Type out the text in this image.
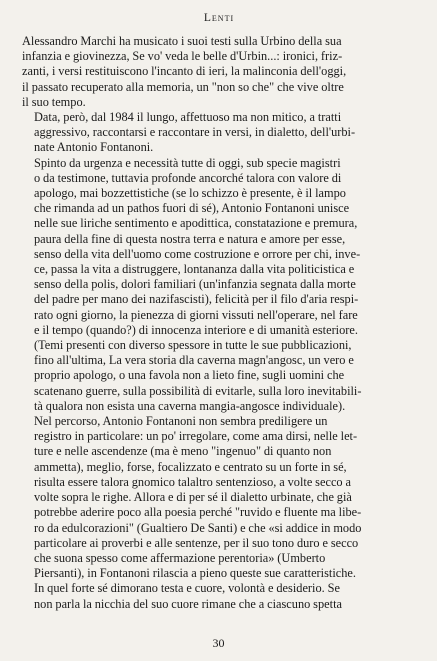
Lenti

Alessandro Marchi ha musicato i suoi testi sulla Urbino della sua
infanzia e giovinezza, Se vo' veda le belle d'Urbin...: ironici, friz-
zanti, i versi restituiscono l'incanto di ieri, la malinconia dell'oggi,
il passato recuperato alla memoria, un "non so che" che vive oltre
il suo tempo.

Data, però, dal 1984 il lungo, affettuoso ma non mitico, a tratti
aggressivo, raccontarsi e raccontare in versi, in dialetto, dell'urbi-
nate Antonio Fontanoni.

Spinto da urgenza e necessità tutte di oggi, sub specie magistri
o da testimone, tuttavia profonde ancorché talora con valore di
apologo, mai bozzettistiche (se lo schizzo è presente, è il lampo
che rimanda ad un pathos fuori di sé), Antonio Fontanoni unisce
nelle sue liriche sentimento e apoditticа, constatazione e premura,
paura della fine di questa nostra terra e natura e amore per esse,
senso della vita dell'uomo come costruzione e orrore per chi, inve-
ce, passa la vita a distruggere, lontananza dalla vita politicistica e
senso della polis, dolori familiari (un'infanzia segnata dalla morte
del padre per mano dei nazifascisti), felicità per il filo d'aria respi-
rato ogni giorno, la pienezza di giorni vissuti nell'operare, nel fare
e il tempo (quando?) di innocenza interiore e di umanità esteriore.
(Temi presenti con diverso spessore in tutte le sue pubblicazioni,
fino all'ultima, La vera storia dla caverna magn'angosc, un vero e
proprio apologo, o una favola non a lieto fine, sugli uomini che
scatenano guerre, sulla possibilità di evitarle, sulla loro inevitabili-
tà qualora non esista una caverna mangia-angosce individuale).

Nel percorso, Antonio Fontanoni non sembra prediligere un
registro in particolare: un po' irregolare, come ama dirsi, nelle let-
ture e nelle ascendenze (ma è meno "ingenuo" di quanto non
ammetta), meglio, forse, focalizzato e centrato su un forte in sé,
risulta essere talora gnomico talaltro sentenzioso, a volte secco a
volte sopra le righe. Allora e di per sé il dialetto urbinate, che già
potrebbe aderire poco alla poesia perché "ruvido e fluente ma libe-
ro da edulcorazioni" (Gualtiero De Santi) e che «si addice in modo
particolare ai proverbi e alle sentenze, per il suo tono duro e secco
che suona spesso come affermazione perentoria» (Umberto
Piersanti), in Fontanoni rilascia a pieno queste sue caratteristiche.

In quel forte sé dimorano testa e cuore, volontà e desiderio. Se
non parla la nicchia del suo cuore rimane che a ciascuno spetta

30
